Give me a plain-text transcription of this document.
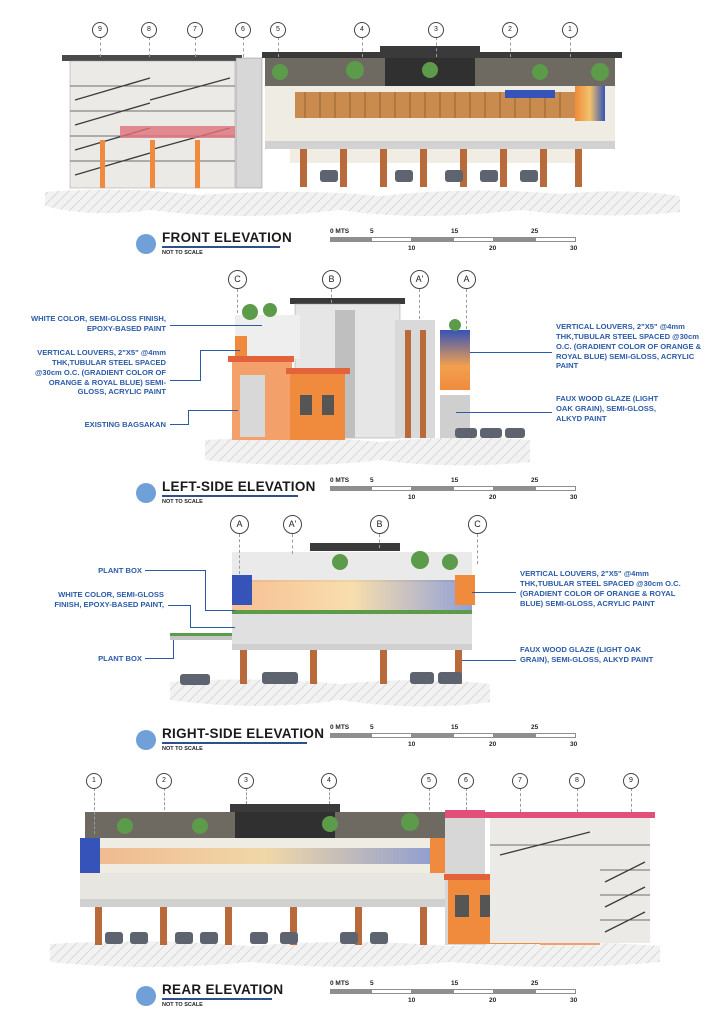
9	8	7	6	5	4	3	2	1
FRONT ELEVATION
NOT TO SCALE
0 MTS	5	15	25
10	20	30
C	B	A'	A
WHITE COLOR, SEMI-GLOSS FINISH, EPOXY-BASED PAINT
VERTICAL LOUVERS, 2"X5" @4mm THK,TUBULAR STEEL SPACED @30cm O.C. (GRADIENT COLOR OF ORANGE & ROYAL BLUE) SEMI-GLOSS, ACRYLIC PAINT
EXISTING BAGSAKAN
VERTICAL LOUVERS, 2"X5" @4mm THK,TUBULAR STEEL SPACED @30cm O.C. (GRADIENT COLOR OF ORANGE & ROYAL BLUE) SEMI-GLOSS, ACRYLIC PAINT
FAUX WOOD GLAZE (LIGHT OAK GRAIN), SEMI-GLOSS, ALKYD PAINT
LEFT-SIDE ELEVATION
NOT TO SCALE
0 MTS	5	15	25
10	20	30
A	A'	B	C
PLANT BOX
WHITE COLOR, SEMI-GLOSS FINISH, EPOXY-BASED PAINT,
PLANT BOX
VERTICAL LOUVERS, 2"X5" @4mm THK,TUBULAR STEEL SPACED @30cm O.C. (GRADIENT COLOR OF ORANGE & ROYAL BLUE) SEMI-GLOSS, ACRYLIC PAINT
FAUX WOOD GLAZE (LIGHT OAK GRAIN), SEMI-GLOSS, ALKYD PAINT
RIGHT-SIDE ELEVATION
NOT TO SCALE
0 MTS	5	15	25
10	20	30
1	2	3	4	5	6	7	8	9
REAR ELEVATION
NOT TO SCALE
0 MTS	5	15	25
10	20	30
